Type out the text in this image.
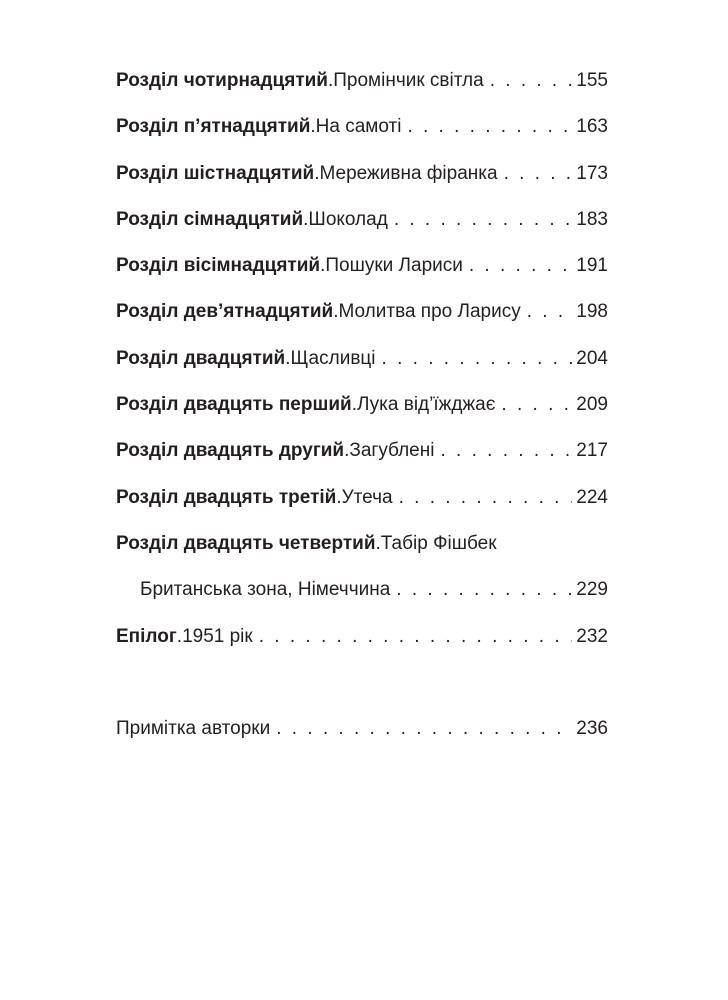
Розділ чотирнадцятий . Промінчик світла . . .	155
Розділ п’ятнадцятий . На самоті . . .	163
Розділ шістнадцятий . Мереживна фіранка . . .	173
Розділ сімнадцятий . Шоколад . . .	183
Розділ вісімнадцятий . Пошуки Лариси . . .	191
Розділ дев’ятнадцятий . Молитва про Ларису . . .	198
Розділ двадцятий . Щасливці . . .	204
Розділ двадцять перший . Лука від’їжджає . . .	209
Розділ двадцять другий . Загублені . . .	217
Розділ двадцять третій . Утеча . . .	224
Розділ двадцять четвертий . Табір Фішбек
Британська зона, Німеччина . . .	229
Епілог . 1951 рік . . .	232
Примітка авторки . . .	236
